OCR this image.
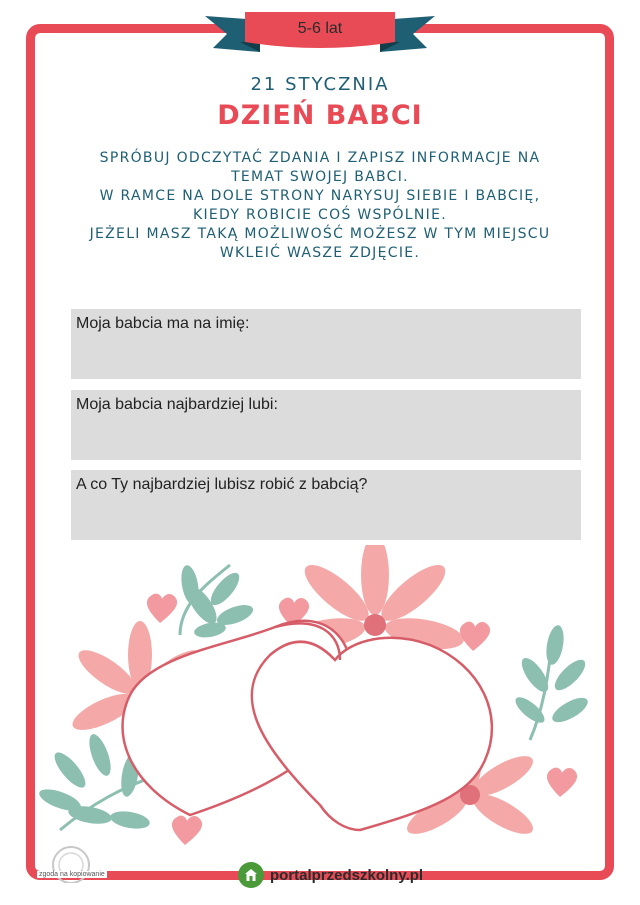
5-6 lat
21 STYCZNIA
DZIEŃ BABCI
SPRÓBUJ ODCZYTAĆ ZDANIA I ZAPISZ INFORMACJE NA
TEMAT SWOJEJ BABCI.
W RAMCE NA DOLE STRONY NARYSUJ SIEBIE I BABCIĘ,
KIEDY ROBICIE COŚ WSPÓLNIE.
JEŻELI MASZ TAKĄ MOŻLIWOŚĆ MOŻESZ W TYM MIEJSCU
WKLEIĆ WASZE ZDJĘCIE.
Moja babcia ma na imię:
Moja babcia najbardziej lubi:
A co Ty najbardziej lubisz robić z babcią?
zgoda na kopiowanie	portalprzedszkolny.pl
